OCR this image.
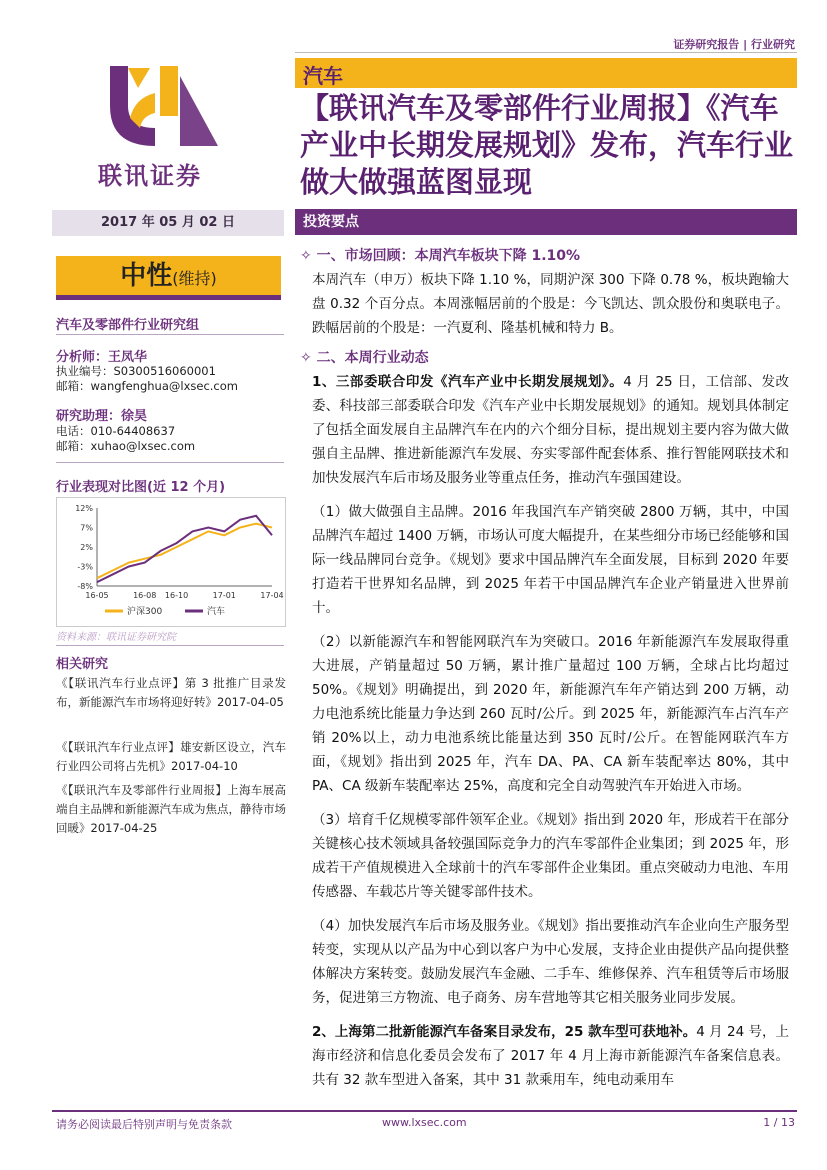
证券研究报告 | 行业研究
联讯证券
汽车
【联讯汽车及零部件行业周报】《汽车产业中长期发展规划》发布，汽车行业做大做强蓝图显现
2017 年 05 月 02 日	投资要点
中性(维持)
汽车及零部件行业研究组
分析师：王凤华
执业编号：S0300516060001
邮箱：wangfenghua@lxsec.com
研究助理：徐昊
电话：010-64408637
邮箱：xuhao@lxsec.com
行业表现对比图(近 12 个月)
12%
7%
2%
-3%
-8%
16-05	16-08 16-10	17-01	17-04
沪深300	汽车
资料来源：联讯证券研究院
相关研究
《【联讯汽车行业点评】第 3 批推广目录发布，新能源汽车市场将迎好转》2017-04-05
《【联讯汽车行业点评】雄安新区设立，汽车行业四公司将占先机》2017-04-10
《【联讯汽车及零部件行业周报】上海车展高端自主品牌和新能源汽车成为焦点，静待市场回暖》2017-04-25
✧ 一、市场回顾：本周汽车板块下降 1.10%
本周汽车（申万）板块下降 1.10 %，同期沪深 300 下降 0.78 %，板块跑输大盘 0.32 个百分点。本周涨幅居前的个股是：今飞凯达、凯众股份和奥联电子。跌幅居前的个股是：一汽夏利、隆基机械和特力 B。
✧ 二、本周行业动态
1、三部委联合印发《汽车产业中长期发展规划》。4 月 25 日，工信部、发改委、科技部三部委联合印发《汽车产业中长期发展规划》的通知。规划具体制定了包括全面发展自主品牌汽车在内的六个细分目标，提出规划主要内容为做大做强自主品牌、推进新能源汽车发展、夯实零部件配套体系、推行智能网联技术和加快发展汽车后市场及服务业等重点任务，推动汽车强国建设。
（1）做大做强自主品牌。2016 年我国汽车产销突破 2800 万辆，其中，中国品牌汽车超过 1400 万辆，市场认可度大幅提升，在某些细分市场已经能够和国际一线品牌同台竞争。《规划》要求中国品牌汽车全面发展，目标到 2020 年要打造若干世界知名品牌，到 2025 年若干中国品牌汽车企业产销量进入世界前十。
（2）以新能源汽车和智能网联汽车为突破口。2016 年新能源汽车发展取得重大进展，产销量超过 50 万辆，累计推广量超过 100 万辆，全球占比均超过 50%。《规划》明确提出，到 2020 年，新能源汽车年产销达到 200 万辆，动力电池系统比能量力争达到 260 瓦时/公斤。到 2025 年，新能源汽车占汽车产销 20%以上，动力电池系统比能量达到 350 瓦时/公斤。在智能网联汽车方面，《规划》指出到 2025 年，汽车 DA、PA、CA 新车装配率达 80%，其中 PA、CA 级新车装配率达 25%，高度和完全自动驾驶汽车开始进入市场。
（3）培育千亿规模零部件领军企业。《规划》指出到 2020 年，形成若干在部分关键核心技术领域具备较强国际竞争力的汽车零部件企业集团；到 2025 年，形成若干产值规模进入全球前十的汽车零部件企业集团。重点突破动力电池、车用传感器、车载芯片等关键零部件技术。
（4）加快发展汽车后市场及服务业。《规划》指出要推动汽车企业向生产服务型转变，实现从以产品为中心到以客户为中心发展，支持企业由提供产品向提供整体解决方案转变。鼓励发展汽车金融、二手车、维修保养、汽车租赁等后市场服务，促进第三方物流、电子商务、房车营地等其它相关服务业同步发展。
2、上海第二批新能源汽车备案目录发布，25 款车型可获地补。4 月 24 号，上海市经济和信息化委员会发布了 2017 年 4 月上海市新能源汽车备案信息表。共有 32 款车型进入备案，其中 31 款乘用车，纯电动乘用车
请务必阅读最后特别声明与免责条款	www.lxsec.com	1 / 13
